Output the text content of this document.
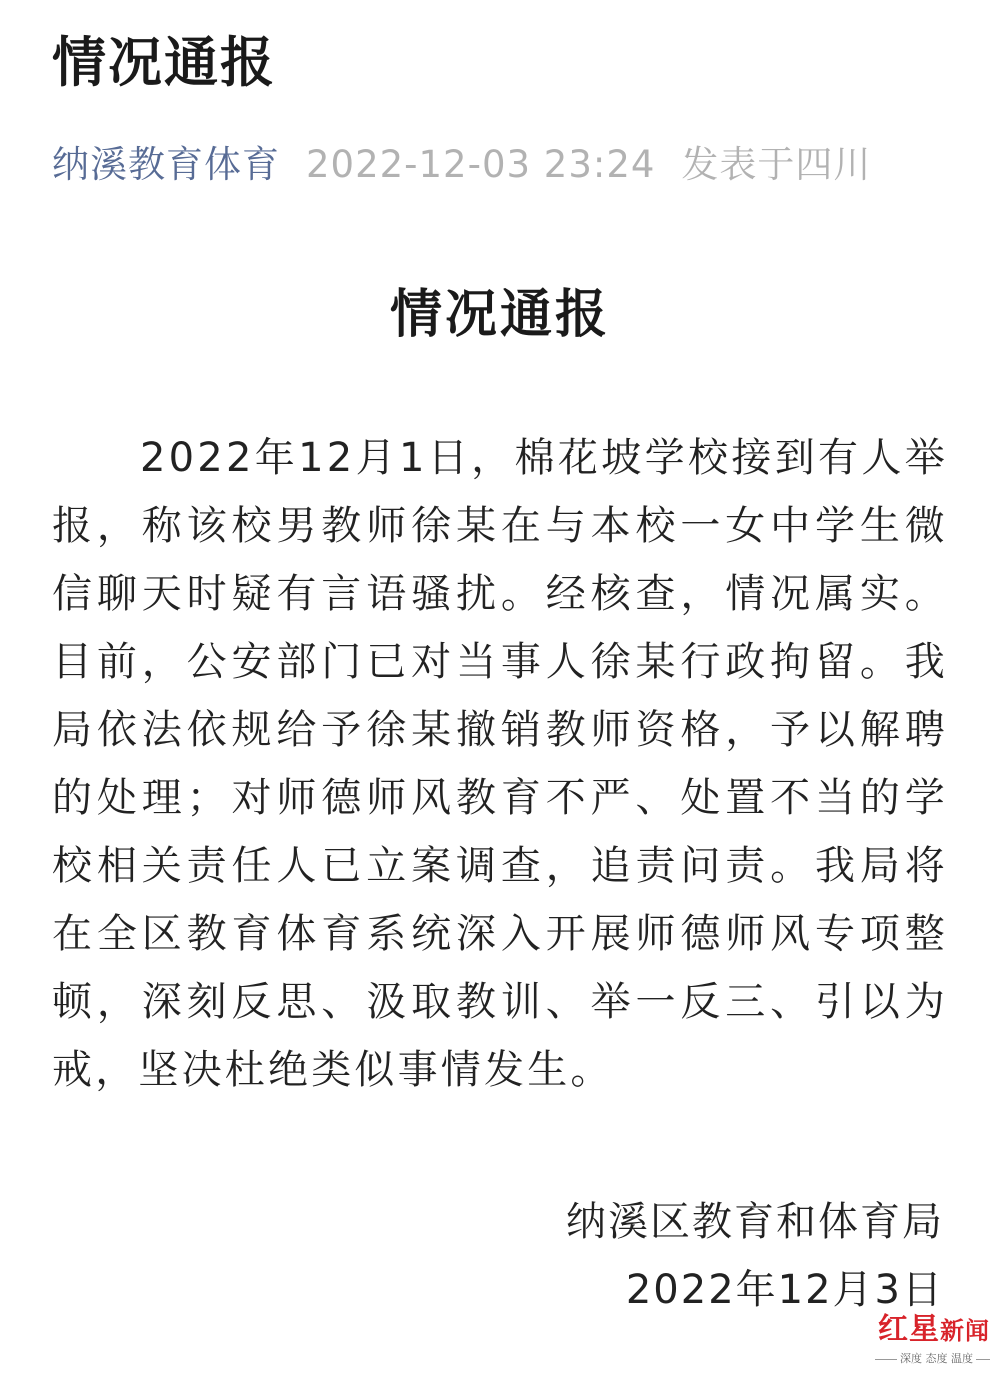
情况通报
纳溪教育体育 2022-12-03 23:24 发表于四川
情况通报

2022年12月1日，棉花坡学校接到有人举报，称该校男教师徐某在与本校一女中学生微信聊天时疑有言语骚扰。经核查，情况属实。目前，公安部门已对当事人徐某行政拘留。我局依法依规给予徐某撤销教师资格，予以解聘的处理；对师德师风教育不严、处置不当的学校相关责任人已立案调查，追责问责。我局将在全区教育体育系统深入开展师德师风专项整顿，深刻反思、汲取教训、举一反三、引以为戒，坚决杜绝类似事情发生。

纳溪区教育和体育局
2022年12月3日
红星新闻
深度 态度 温度
